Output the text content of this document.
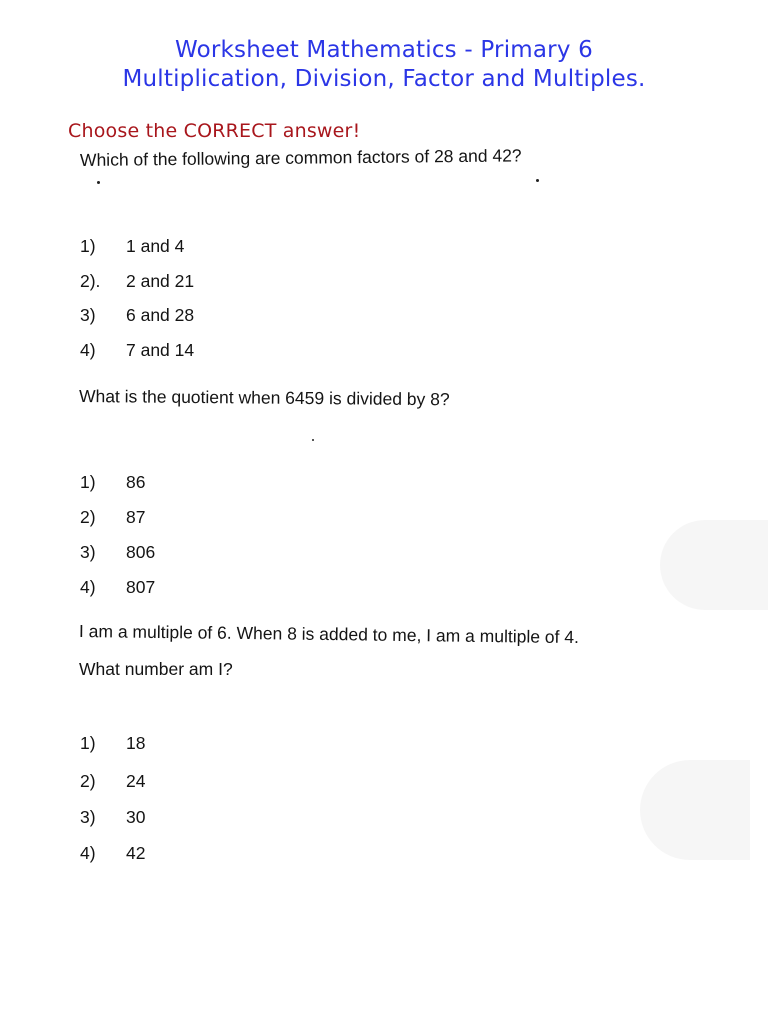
Worksheet Mathematics - Primary 6
Multiplication, Division, Factor and Multiples.
Choose the CORRECT answer!
Which of the following are common factors of 28 and 42?
1) 1 and 4
2). 2 and 21
3) 6 and 28
4) 7 and 14
What is the quotient when 6459 is divided by 8?
1) 86
2) 87
3) 806
4) 807
I am a multiple of 6. When 8 is added to me, I am a multiple of 4.
What number am I?
1) 18
2) 24
3) 30
4) 42
